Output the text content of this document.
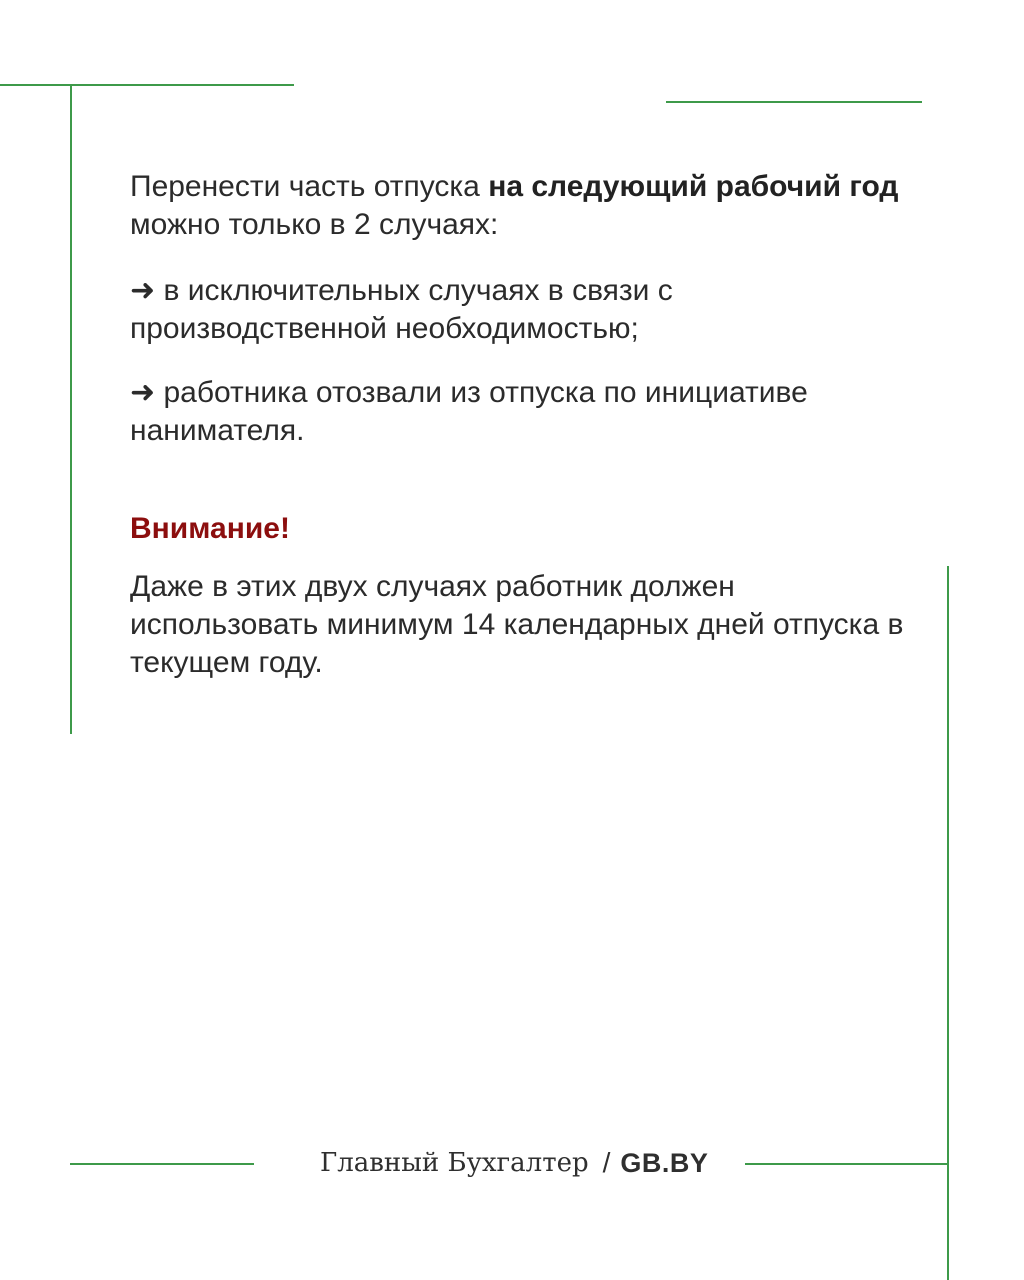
Перенести часть отпуска на следующий рабочий год можно только в 2 случаях:

➜ в исключительных случаях в связи с производственной необходимостью;

➜ работника отозвали из отпуска по инициативе нанимателя.

Внимание!

Даже в этих двух случаях работник должен использовать минимум 14 календарных дней отпуска в текущем году.

Главный Бухгалтер / GB.BY
